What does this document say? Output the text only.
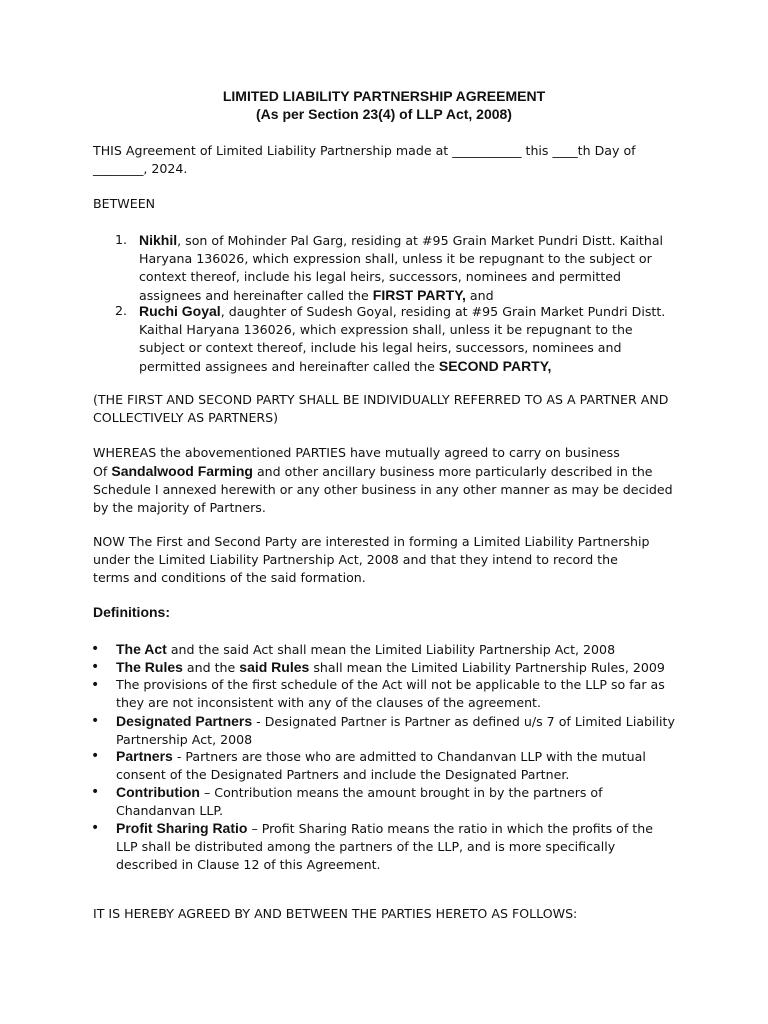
LIMITED LIABILITY PARTNERSHIP AGREEMENT
(As per Section 23(4) of LLP Act, 2008)
THIS Agreement of Limited Liability Partnership made at ___________ this ____th Day of ________, 2024.
BETWEEN
1. Nikhil, son of Mohinder Pal Garg, residing at #95 Grain Market Pundri Distt. Kaithal Haryana 136026, which expression shall, unless it be repugnant to the subject or context thereof, include his legal heirs, successors, nominees and permitted assignees and hereinafter called the FIRST PARTY, and
2. Ruchi Goyal, daughter of Sudesh Goyal, residing at #95 Grain Market Pundri Distt. Kaithal Haryana 136026, which expression shall, unless it be repugnant to the subject or context thereof, include his legal heirs, successors, nominees and permitted assignees and hereinafter called the SECOND PARTY,
(THE FIRST AND SECOND PARTY SHALL BE INDIVIDUALLY REFERRED TO AS A PARTNER AND COLLECTIVELY AS PARTNERS)
WHEREAS the abovementioned PARTIES have mutually agreed to carry on business
Of Sandalwood Farming and other ancillary business more particularly described in the Schedule I annexed herewith or any other business in any other manner as may be decided by the majority of Partners.
NOW The First and Second Party are interested in forming a Limited Liability Partnership under the Limited Liability Partnership Act, 2008 and that they intend to record the terms and conditions of the said formation.
Definitions:
• The Act and the said Act shall mean the Limited Liability Partnership Act, 2008
• The Rules and the said Rules shall mean the Limited Liability Partnership Rules, 2009
• The provisions of the first schedule of the Act will not be applicable to the LLP so far as they are not inconsistent with any of the clauses of the agreement.
• Designated Partners - Designated Partner is Partner as defined u/s 7 of Limited Liability Partnership Act, 2008
• Partners - Partners are those who are admitted to Chandanvan LLP with the mutual consent of the Designated Partners and include the Designated Partner.
• Contribution – Contribution means the amount brought in by the partners of Chandanvan LLP.
• Profit Sharing Ratio – Profit Sharing Ratio means the ratio in which the profits of the LLP shall be distributed among the partners of the LLP, and is more specifically described in Clause 12 of this Agreement.
IT IS HEREBY AGREED BY AND BETWEEN THE PARTIES HERETO AS FOLLOWS:
